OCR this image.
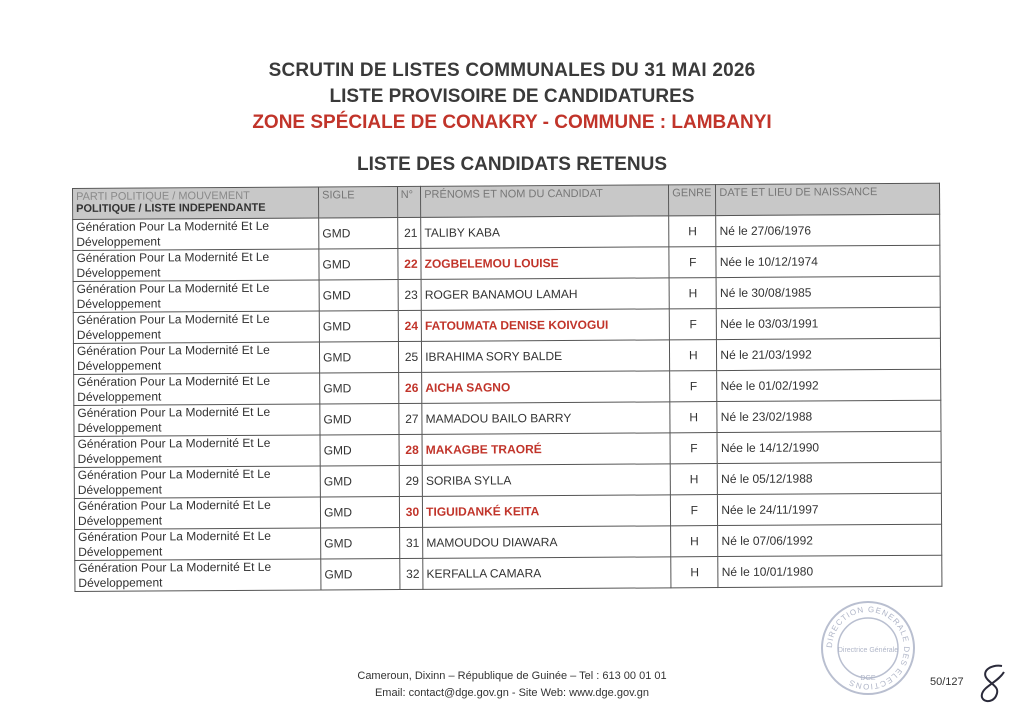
SCRUTIN DE LISTES COMMUNALES DU 31 MAI 2026
LISTE PROVISOIRE DE CANDIDATURES
ZONE SPÉCIALE DE CONAKRY - COMMUNE : LAMBANYI
LISTE DES CANDIDATS RETENUS
PARTI POLITIQUE / MOUVEMENT
POLITIQUE / LISTE INDEPENDANTE	SIGLE	N°	PRÉNOMS ET NOM DU CANDIDAT	GENRE	DATE ET LIEU DE NAISSANCE

Génération Pour La Modernité Et Le
Développement	GMD	21	TALIBY KABA	H	Né le 27/06/1976

Génération Pour La Modernité Et Le
Développement	GMD	22	ZOGBELEMOU LOUISE	F	Née le 10/12/1974

Génération Pour La Modernité Et Le
Développement	GMD	23	ROGER BANAMOU LAMAH	H	Né le 30/08/1985

Génération Pour La Modernité Et Le
Développement	GMD	24	FATOUMATA DENISE KOIVOGUI	F	Née le 03/03/1991

Génération Pour La Modernité Et Le
Développement	GMD	25	IBRAHIMA SORY BALDE	H	Né le 21/03/1992

Génération Pour La Modernité Et Le
Développement	GMD	26	AICHA SAGNO	F	Née le 01/02/1992

Génération Pour La Modernité Et Le
Développement	GMD	27	MAMADOU BAILO BARRY	H	Né le 23/02/1988

Génération Pour La Modernité Et Le
Développement	GMD	28	MAKAGBE TRAORÉ	F	Née le 14/12/1990

Génération Pour La Modernité Et Le
Développement	GMD	29	SORIBA SYLLA	H	Né le 05/12/1988

Génération Pour La Modernité Et Le
Développement	GMD	30	TIGUIDANKÉ KEITA	F	Née le 24/11/1997

Génération Pour La Modernité Et Le
Développement	GMD	31	MAMOUDOU DIAWARA	H	Né le 07/06/1992

Génération Pour La Modernité Et Le
Développement	GMD	32	KERFALLA CAMARA	H	Né le 10/01/1980
DIRECTION GENERALE DES ELECTIONS
Directrice Générale
DGE
Cameroun, Dixinn – République de Guinée – Tel : 613 00 01 01
Email: contact@dge.gov.gn - Site Web: www.dge.gov.gn
50/127
